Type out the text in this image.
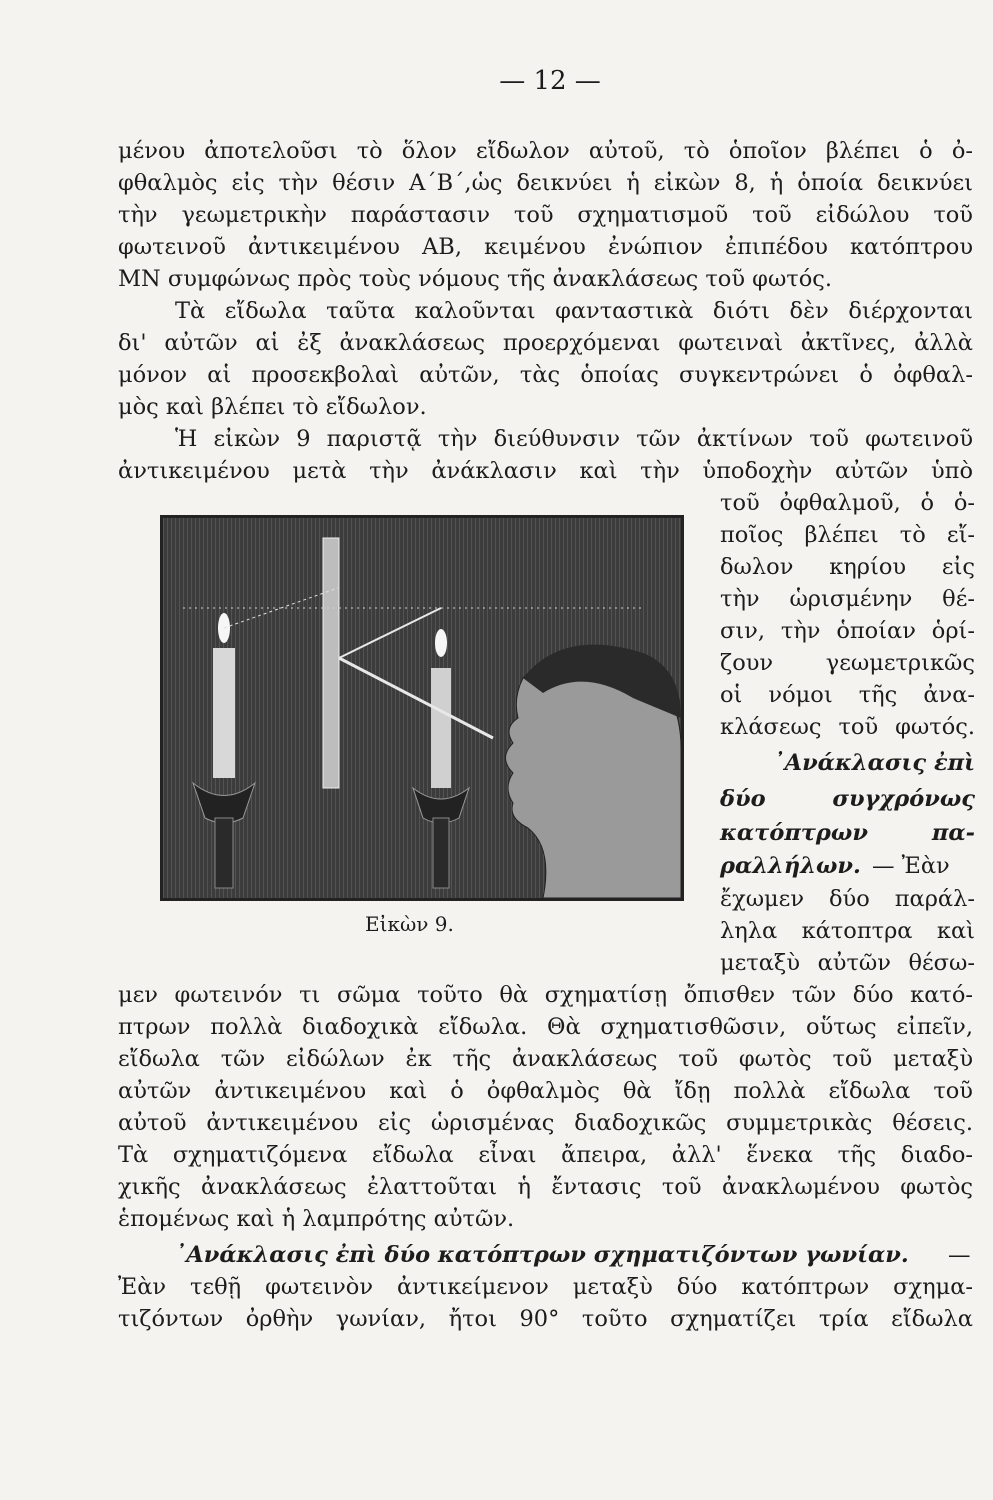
— 12 —
μένου ἀποτελοῦσι τὸ ὅλον εἴδωλον αὐτοῦ, τὸ ὁποῖον βλέπει ὁ ὀ-
φθαλμὸς εἰς τὴν θέσιν Α΄Β΄,ὡς δεικνύει ἡ εἰκὼν 8, ἡ ὁποία δεικνύει
τὴν γεωμετρικὴν παράστασιν τοῦ σχηματισμοῦ τοῦ εἰδώλου τοῦ
φωτεινοῦ ἀντικειμένου ΑΒ, κειμένου ἐνώπιον ἐπιπέδου κατόπτρου
ΜΝ συμφώνως πρὸς τοὺς νόμους τῆς ἀνακλάσεως τοῦ φωτός.
Τὰ εἴδωλα ταῦτα καλοῦνται φανταστικὰ διότι δὲν διέρχονται
δι' αὐτῶν αἱ ἐξ ἀνακλάσεως προερχόμεναι φωτειναὶ ἀκτῖνες, ἀλλὰ
μόνον αἱ προσεκβολαὶ αὐτῶν, τὰς ὁποίας συγκεντρώνει ὁ ὀφθαλ-
μὸς καὶ βλέπει τὸ εἴδωλον.
Ἡ εἰκὼν 9 παριστᾷ τὴν διεύθυνσιν τῶν ἀκτίνων τοῦ φωτεινοῦ
ἀντικειμένου μετὰ τὴν ἀνάκλασιν καὶ τὴν ὑποδοχὴν αὐτῶν ὑπὸ
Εἰκὼν 9.
τοῦ ὀφθαλμοῦ, ὁ ὁ-
ποῖος βλέπει τὸ εἴ-
δωλον κηρίου εἰς
τὴν ὡρισμένην θέ-
σιν, τὴν ὁποίαν ὁρί-
ζουν γεωμετρικῶς
οἱ νόμοι τῆς ἀνα-
κλάσεως τοῦ φωτός.
᾿Ανάκλασις ἐπὶ
δύο συγχρόνως
κατόπτρων πα-
ραλλήλων. — Ἐὰν
ἔχωμεν δύο παράλ-
ληλα κάτοπτρα καὶ
μεταξὺ αὐτῶν θέσω-
μεν φωτεινόν τι σῶμα τοῦτο θὰ σχηματίσῃ ὄπισθεν τῶν δύο κατό-
πτρων πολλὰ διαδοχικὰ εἴδωλα. Θὰ σχηματισθῶσιν, οὕτως εἰπεῖν,
εἴδωλα τῶν εἰδώλων ἐκ τῆς ἀνακλάσεως τοῦ φωτὸς τοῦ μεταξὺ
αὐτῶν ἀντικειμένου καὶ ὁ ὀφθαλμὸς θὰ ἴδῃ πολλὰ εἴδωλα τοῦ
αὐτοῦ ἀντικειμένου εἰς ὡρισμένας διαδοχικῶς συμμετρικὰς θέσεις.
Τὰ σχηματιζόμενα εἴδωλα εἶναι ἄπειρα, ἀλλ' ἕνεκα τῆς διαδο-
χικῆς ἀνακλάσεως ἐλαττοῦται ἡ ἔντασις τοῦ ἀνακλωμένου φωτὸς
ἑπομένως καὶ ἡ λαμπρότης αὐτῶν.
᾿Ανάκλασις ἐπὶ δύο κατόπτρων σχηματιζόντων γωνίαν. —
Ἐὰν τεθῇ φωτεινὸν ἀντικείμενον μεταξὺ δύο κατόπτρων σχημα-
τιζόντων ὀρθὴν γωνίαν, ἤτοι 90° τοῦτο σχηματίζει τρία εἴδωλα
